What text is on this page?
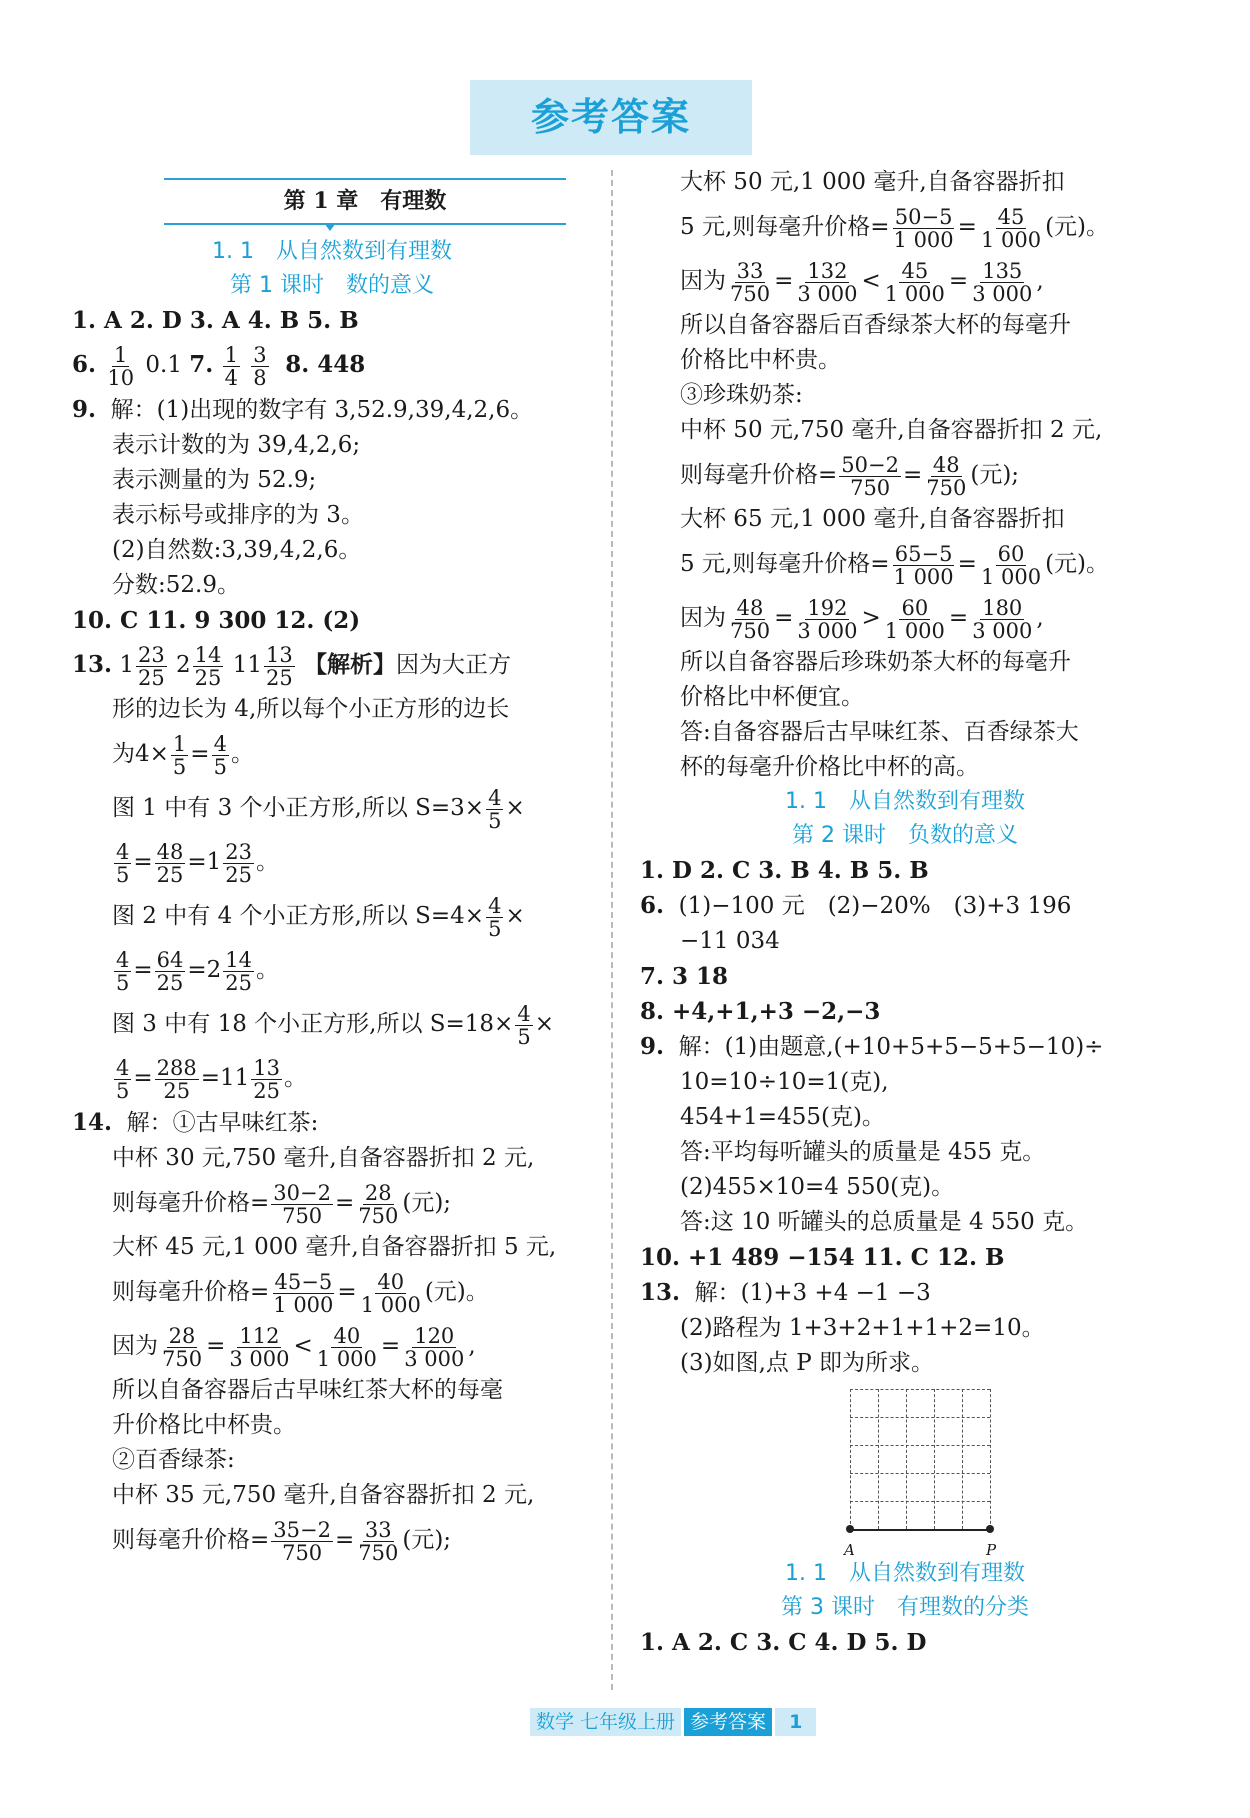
参考答案
第 1 章　有理数
1. 1　从自然数到有理数
第 1 课时　数的意义
1. A 2. D 3. A 4. B 5. B
6. $\frac{1}{10} 0.1$ 7. $\frac{1}{4}$
$\frac{3}{8} 8$. 448
9. 解：(1)出现的数字有 3,52.9,39,4,2,6。
表示计数的为 39,4,2,6;
表示测量的为 52.9;
表示标号或排序的为 3。
(2)自然数:3,39,4,2,6。
分数:52.9。
10. C 11. 9 300 12. (2)
13. $1 \frac{23}{25} 2 \frac{14}{25} 11 \frac{13}{25}$ 【解析】因为大正方
形的边长为 4,所以每个小正方形的边长
为$4\times \frac{1}{5} = \frac{4}{5}$ 。
图 1 中有 3 个小正方形,所以 $S=3\times \frac{4}{5}$ ×
$\frac{4}{5} = \frac{48}{25} =1 \frac{23}{25}$ 。
图 2 中有 4 个小正方形,所以 $S=4\times \frac{4}{5}$ ×
$\frac{4}{5} = \frac{64}{25} =2 \frac{14}{25}$ 。
图 3 中有 18 个小正方形,所以 $S=18\times \frac{4}{5}$ ×
$\frac{4}{5} = \frac{288}{25} =11 \frac{13}{25}$ 。
14. 解：①古早味红茶:
中杯 30 元,750 毫升,自备容器折扣 2 元,
则每毫升价格= $\frac{30-2}{750} = \frac{28}{750}$ (元);
大杯 45 元,1 000 毫升,自备容器折扣 5 元,
则每毫升价格= $\frac{45-5}{1 000} = \frac{40}{1 000}$ (元)。
因为 $\frac{28}{750} = \frac{112}{3 000} < \frac{40}{1 000} = \frac{120}{3 000}$ ,
所以自备容器后古早味红茶大杯的每毫
升价格比中杯贵。
②百香绿茶:
中杯 35 元,750 毫升,自备容器折扣 2 元,
则每毫升价格= $\frac{35-2}{750} = \frac{33}{750}$ (元);
大杯 50 元,1 000 毫升,自备容器折扣
5 元,则每毫升价格= $\frac{50-5}{1 000} = \frac{45}{1 000}$ (元)。
因为 $\frac{33}{750} = \frac{132}{3 000} < \frac{45}{1 000} = \frac{135}{3 000}$ ,
所以自备容器后百香绿茶大杯的每毫升
价格比中杯贵。
③珍珠奶茶:
中杯 50 元,750 毫升,自备容器折扣 2 元,
则每毫升价格= $\frac{50-2}{750} = \frac{48}{750}$ (元);
大杯 65 元,1 000 毫升,自备容器折扣
5 元,则每毫升价格= $\frac{65-5}{1 000} = \frac{60}{1 000}$ (元)。
因为 $\frac{48}{750} = \frac{192}{3 000} > \frac{60}{1 000} = \frac{180}{3 000}$ ,
所以自备容器后珍珠奶茶大杯的每毫升
价格比中杯便宜。
答:自备容器后古早味红茶、百香绿茶大
杯的每毫升价格比中杯的高。
1. 1　从自然数到有理数
第 2 课时　负数的意义
1. D 2. C 3. B 4. B 5. B
6. (1)−100 元　(2)−20%　(3)+3 196
−11 034
7. 3 18
8. +4,+1,+3 −2,−3
9. 解：(1)由题意,(+10+5+5−5+5−10)÷
10=10÷10=1(克),
454+1=455(克)。
答:平均每听罐头的质量是 455 克。
(2)455×10=4 550(克)。
答:这 10 听罐头的总质量是 4 550 克。
10. +1 489 −154 11. C 12. B
13. 解：(1)+3 +4 −1 −3
(2)路程为 1+3+2+1+1+2=10。
(3)如图,点 P 即为所求。
A	P
1. 1　从自然数到有理数
第 3 课时　有理数的分类
1. A 2. C 3. C 4. D 5. D
数学 七年级上册 参考答案	1
